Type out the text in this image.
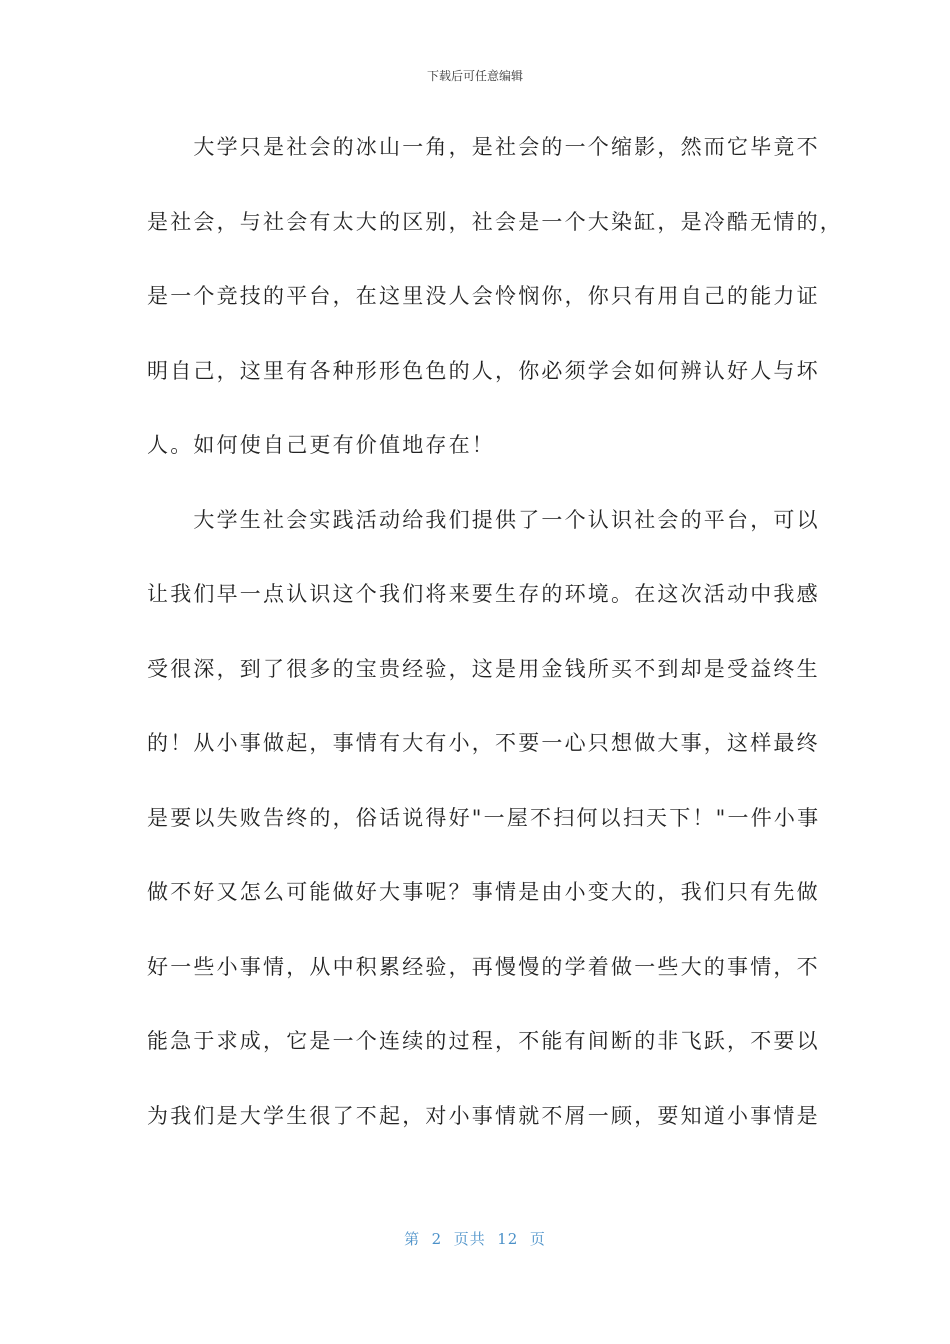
下载后可任意编辑
　　大学只是社会的冰山一角，是社会的一个缩影，然而它毕竟不
是社会，与社会有太大的区别，社会是一个大染缸，是冷酷无情的，
是一个竞技的平台，在这里没人会怜悯你，你只有用自己的能力证
明自己，这里有各种形形色色的人，你必须学会如何辨认好人与坏
人。如何使自己更有价值地存在！
　　大学生社会实践活动给我们提供了一个认识社会的平台，可以
让我们早一点认识这个我们将来要生存的环境。在这次活动中我感
受很深，到了很多的宝贵经验，这是用金钱所买不到却是受益终生
的！从小事做起，事情有大有小，不要一心只想做大事，这样最终
是要以失败告终的，俗话说得好"一屋不扫何以扫天下！"一件小事
做不好又怎么可能做好大事呢？事情是由小变大的，我们只有先做
好一些小事情，从中积累经验，再慢慢的学着做一些大的事情，不
能急于求成，它是一个连续的过程，不能有间断的非飞跃，不要以
为我们是大学生很了不起，对小事情就不屑一顾，要知道小事情是
第  2  页共  12  页
